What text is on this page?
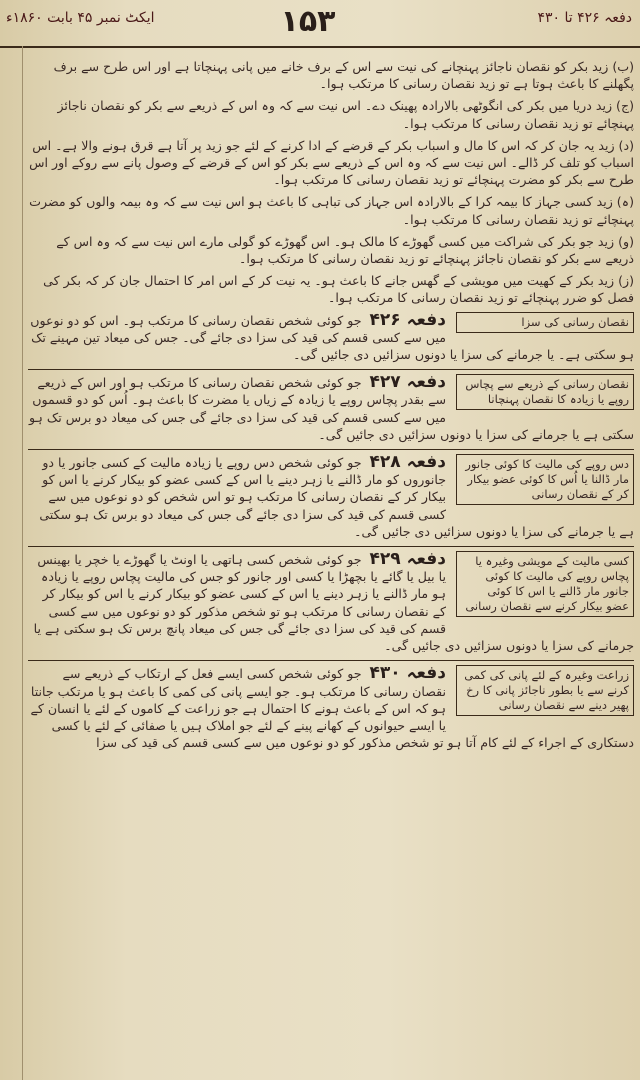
دفعہ ۴۲۶ تا ۴۳۰
۱۵۳
ایکٹ نمبر ۴۵ بابت ۱۸۶۰ء

(ب) زید بکر کو نقصان ناجائز پہنچانے کی نیت سے اس کے برف خانے میں پانی پہنچاتا ہے اور اس طرح سے برف پگھلنے کا باعث ہوتا ہے تو زید نقصان رسانی کا مرتکب ہوا۔

(ج) زید دریا میں بکر کی انگوٹھی بالارادہ پھینک دے۔ اس نیت سے کہ وہ اس کے ذریعے سے بکر کو نقصان ناجائز پہنچائے تو زید نقصان رسانی کا مرتکب ہوا۔

(د) زید یہ جان کر کہ اس کا مال و اسباب بکر کے قرضے کے ادا کرنے کے لئے جو زید پر آتا ہے قرق ہونے والا ہے۔ اس اسباب کو تلف کر ڈالے۔ اس نیت سے کہ وہ اس کے ذریعے سے بکر کو اس کے قرضے کے وصول پانے سے روکے اور اس طرح سے بکر کو مضرت پہنچائے تو زید نقصان رسانی کا مرتکب ہوا۔

(ہ) زید کسی جہاز کا بیمہ کرا کے بالارادہ اس جہاز کی تباہی کا باعث ہو اس نیت سے کہ وہ بیمہ والوں کو مضرت پہنچائے تو زید نقصان رسانی کا مرتکب ہوا۔

(و) زید جو بکر کی شراکت میں کسی گھوڑے کا مالک ہو۔ اس گھوڑے کو گولی مارے اس نیت سے کہ وہ اس کے ذریعے سے بکر کو نقصان ناجائز پہنچائے تو زید نقصان رسانی کا مرتکب ہوا۔

(ز) زید بکر کے کھیت میں مویشی کے گھس جانے کا باعث ہو۔ یہ نیت کر کے اس امر کا احتمال جان کر کہ بکر کی فصل کو ضرر پہنچائے تو زید نقصان رسانی کا مرتکب ہوا۔

نقصان رسانی کی سزا
دفعہ ۴۲۶ جو کوئی شخص نقصان رسانی کا مرتکب ہو۔ اس کو دو نوعوں میں سے کسی قسم کی قید کی سزا دی جائے گی۔ جس کی میعاد تین مہینے تک ہو سکتی ہے۔ یا جرمانے کی سزا یا دونوں سزائیں دی جائیں گی۔
نقصان رسانی کے ذریعے سے پچاس روپے یا زیادہ کا نقصان پہنچانا
دفعہ ۴۲۷ جو کوئی شخص نقصان رسانی کا مرتکب ہو اور اس کے ذریعے سے بقدر پچاس روپے یا زیادہ کے زیاں یا مضرت کا باعث ہو۔ اُس کو دو قسموں میں سے کسی قسم کی قید کی سزا دی جائے گی جس کی میعاد دو برس تک ہو سکتی ہے یا جرمانے کی سزا یا دونوں سزائیں دی جائیں گی۔
دس روپے کی مالیت کا کوئی جانور مار ڈالنا یا اُس کا کوئی عضو بیکار کر کے نقصان رسانی
دفعہ ۴۲۸ جو کوئی شخص دس روپے یا زیادہ مالیت کے کسی جانور یا دو جانوروں کو مار ڈالنے یا زہر دینے یا اس کے کسی عضو کو بیکار کرنے یا اس کو بیکار کر کے نقصان رسانی کا مرتکب ہو تو اس شخص کو دو نوعوں میں سے کسی قسم کی قید کی سزا دی جائے گی جس کی میعاد دو برس تک ہو سکتی ہے یا جرمانے کی سزا یا دونوں سزائیں دی جائیں گی۔
کسی مالیت کے مویشی وغیرہ یا پچاس روپے کی مالیت کا کوئی جانور مار ڈالنے یا اس کا کوئی عضو بیکار کرنے سے نقصان رسانی
دفعہ ۴۲۹ جو کوئی شخص کسی ہاتھی یا اونٹ یا گھوڑے یا خچر یا بھینس یا بیل یا گائے یا بچھڑا یا کسی اور جانور کو جس کی مالیت پچاس روپے یا زیادہ ہو مار ڈالنے یا زہر دینے یا اس کے کسی عضو کو بیکار کرنے یا اس کو بیکار کر کے نقصان رسانی کا مرتکب ہو تو شخص مذکور کو دو نوعوں میں سے کسی قسم کی قید کی سزا دی جائے گی جس کی میعاد پانچ برس تک ہو سکتی ہے یا جرمانے کی سزا یا دونوں سزائیں دی جائیں گی۔
زراعت وغیرہ کے لئے پانی کی کمی کرنے سے یا بطور ناجائز پانی کا رخ پھیر دینے سے نقصان رسانی
دفعہ ۴۳۰ جو کوئی شخص کسی ایسے فعل کے ارتکاب کے ذریعے سے نقصان رسانی کا مرتکب ہو۔ جو ایسے پانی کی کمی کا باعث ہو یا مرتکب جانتا ہو کہ اس کے باعث ہونے کا احتمال ہے جو زراعت کے کاموں کے لئے یا انسان کے یا ایسے حیوانوں کے کھانے پینے کے لئے جو املاک ہیں یا صفائی کے لئے یا کسی دستکاری کے اجراء کے لئے کام آتا ہو تو شخص مذکور کو دو نوعوں میں سے کسی قسم کی قید کی سزا
